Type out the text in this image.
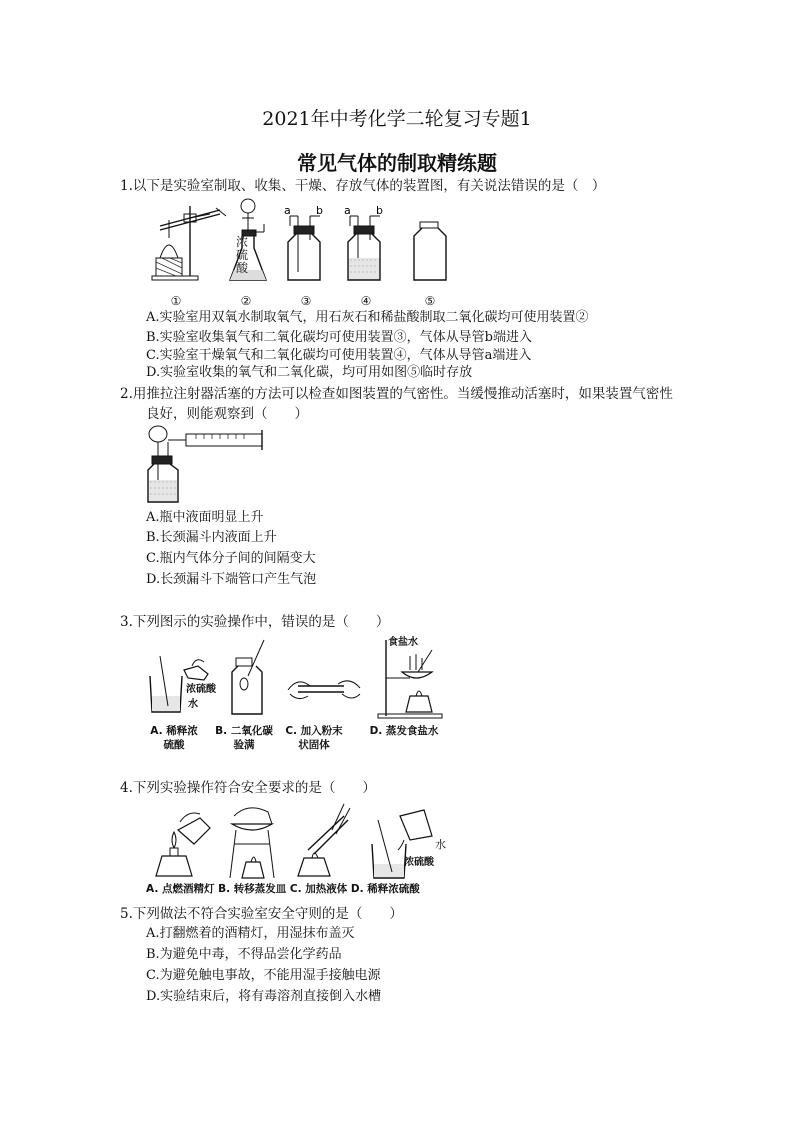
2021年中考化学二轮复习专题1
常见气体的制取精练题
1.以下是实验室制取、收集、干燥、存放气体的装置图，有关说法错误的是（　）
a b a b
浓
硫
酸
①	②	③	④	⑤
A.实验室用双氧水制取氧气，用石灰石和稀盐酸制取二氧化碳均可使用装置②
B.实验室收集氧气和二氧化碳均可使用装置③，气体从导管b端进入
C.实验室干燥氧气和二氧化碳均可使用装置④，气体从导管a端进入
D.实验室收集的氧气和二氧化碳，均可用如图⑤临时存放
2.用推拉注射器活塞的方法可以检查如图装置的气密性。当缓慢推动活塞时，如果装置气密性
良好，则能观察到（　　）
A.瓶中液面明显上升
B.长颈漏斗内液面上升
C.瓶内气体分子间的间隔变大
D.长颈漏斗下端管口产生气泡
3.下列图示的实验操作中，错误的是（　　）
浓硫酸
水
食盐水
A. 稀释浓
硫酸
B. 二氧化碳
验满
C. 加入粉末
状固体
D. 蒸发食盐水
4.下列实验操作符合安全要求的是（　　）
水
浓硫酸
A. 点燃酒精灯 B. 转移蒸发皿 C. 加热液体 D. 稀释浓硫酸
5.下列做法不符合实验室安全守则的是（　　）
A.打翻燃着的酒精灯，用湿抹布盖灭
B.为避免中毒，不得品尝化学药品
C.为避免触电事故，不能用湿手接触电源
D.实验结束后，将有毒溶剂直接倒入水槽
